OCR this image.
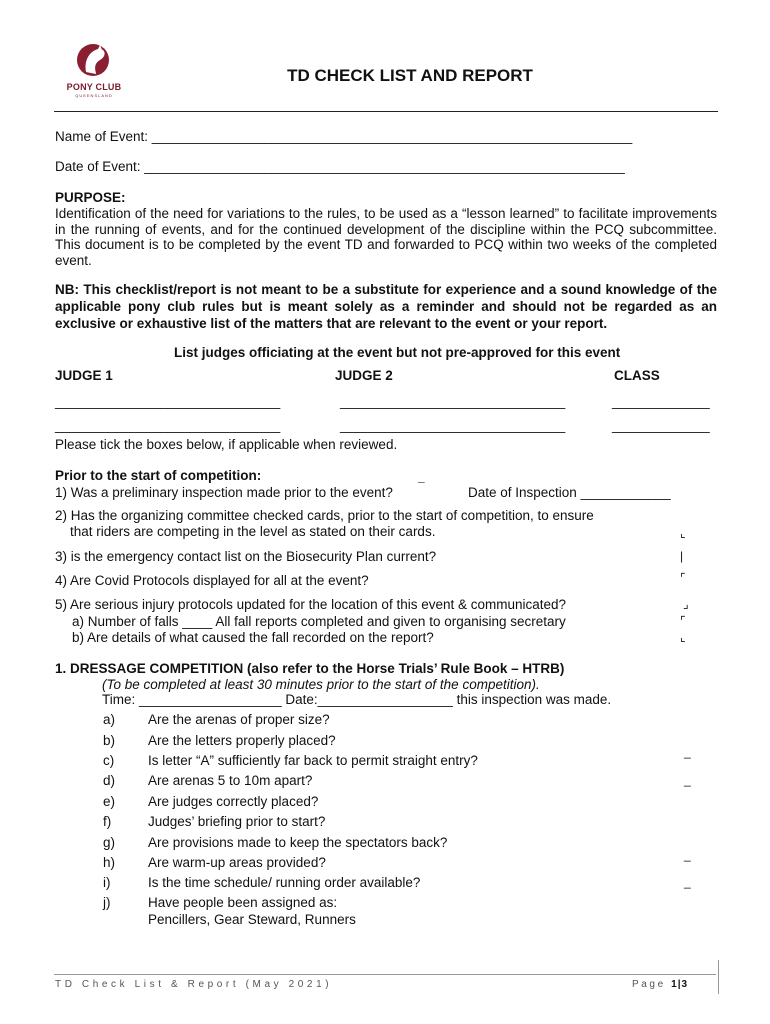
PONY CLUB
QUEENSLAND
TD CHECK LIST AND REPORT
Name of Event: ________________________________________________________________
Date of Event: ________________________________________________________________
PURPOSE:
Identification of the need for variations to the rules, to be used as a “lesson learned” to facilitate improvements in the running of events, and for the continued development of the discipline within the PCQ subcommittee. This document is to be completed by the event TD and forwarded to PCQ within two weeks of the completed event.
NB: This checklist/report is not meant to be a substitute for experience and a sound knowledge of the applicable pony club rules but is meant solely as a reminder and should not be regarded as an exclusive or exhaustive list of the matters that are relevant to the event or your report.
List judges officiating at the event but not pre-approved for this event
JUDGE 1	JUDGE 2	CLASS
______________________________	______________________________	_____________
______________________________	______________________________	_____________
Please tick the boxes below, if applicable when reviewed.
Prior to the start of competition:
1) Was a preliminary inspection made prior to the event? ¯	Date of Inspection ____________
2) Has the organizing committee checked cards, prior to the start of competition, to ensure
that riders are competing in the level as stated on their cards.	⌞
3) is the emergency contact list on the Biosecurity Plan current?	|
4) Are Covid Protocols displayed for all at the event?	⌜
5) Are serious injury protocols updated for the location of this event & communicated?	⌟
a) Number of falls ____ All fall reports completed and given to organising secretary	⌜
b) Are details of what caused the fall recorded on the report?	⌞
1. DRESSAGE COMPETITION (also refer to the Horse Trials’ Rule Book – HTRB)
(To be completed at least 30 minutes prior to the start of the competition).
Time: ___________________ Date:__________________ this inspection was made.
a) Are the arenas of proper size?
b) Are the letters properly placed?
_
c)	Is letter “A” sufficiently far back to permit straight entry?
d) Are arenas 5 to 10m apart?	_
e) Are judges correctly placed?
f)	Judges’ briefing prior to start?
g) Are provisions made to keep the spectators back?
h) Are warm-up areas provided?	_
i)	Is the time schedule/ running order available?	_
j)	Have people been assigned as:
Pencillers, Gear Steward, Runners
TD Check List & Report (May 2021)	Page 1|3
